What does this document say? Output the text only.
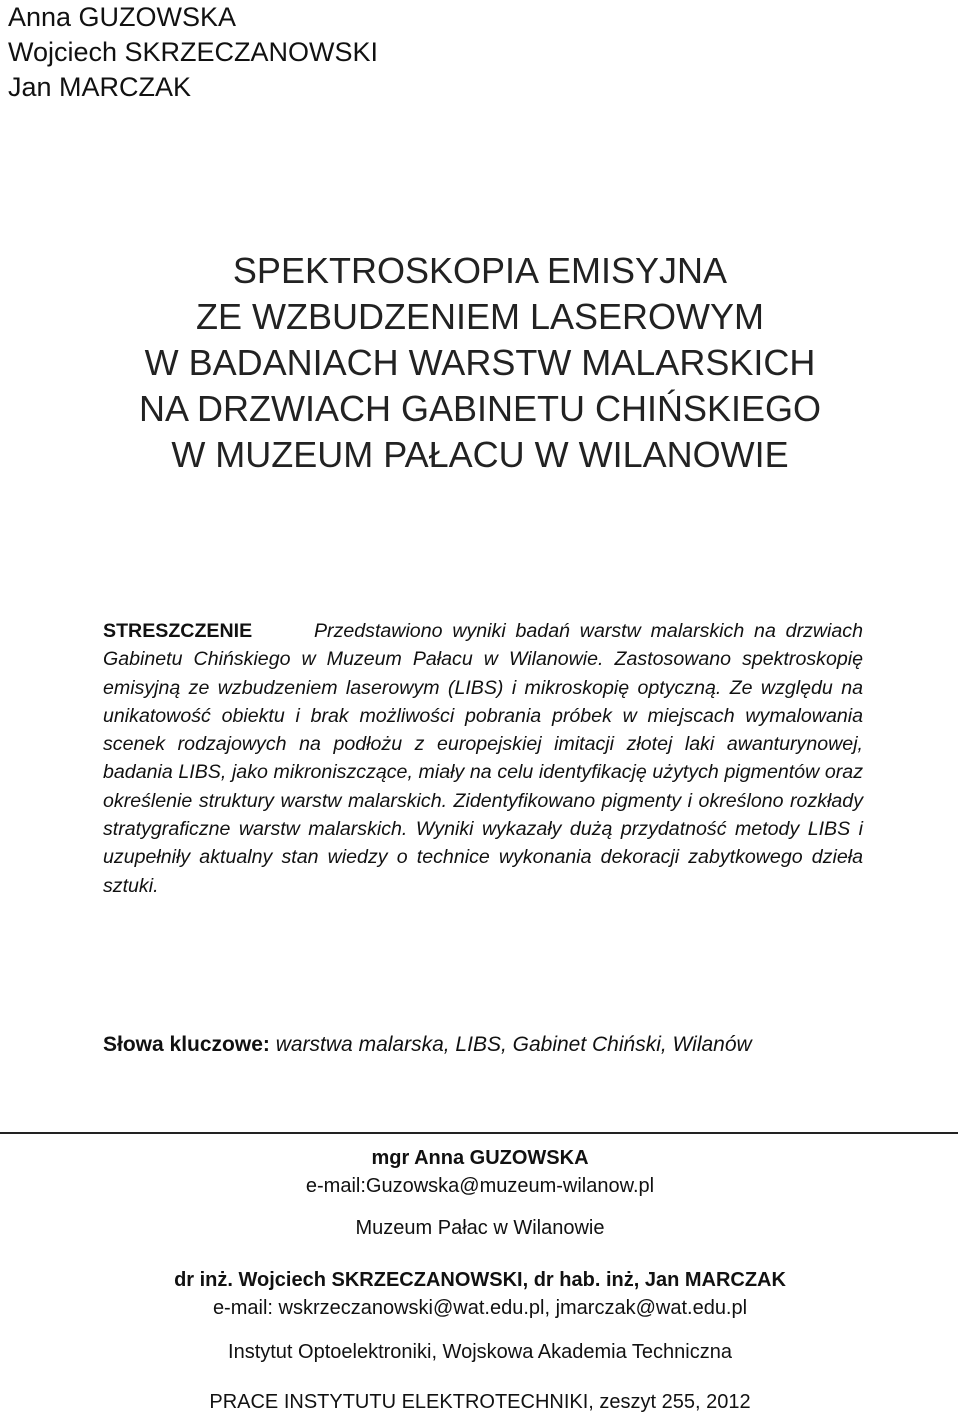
Anna GUZOWSKA
Wojciech SKRZECZANOWSKI
Jan MARCZAK
SPEKTROSKOPIA EMISYJNA
ZE WZBUDZENIEM LASEROWYM
W BADANIACH WARSTW MALARSKICH
NA DRZWIACH GABINETU CHIŃSKIEGO
W MUZEUM PAŁACU W WILANOWIE
STRESZCZENIE	Przedstawiono wyniki badań warstw malarskich na drzwiach Gabinetu Chińskiego w Muzeum Pałacu w Wilanowie. Zastosowano spektroskopię emisyjną ze wzbudzeniem laserowym (LIBS) i mikroskopię optyczną. Ze względu na unikatowość obiektu i brak możliwości pobrania próbek w miejscach wymalowania scenek rodzajowych na podłożu z europejskiej imitacji złotej laki awanturynowej, badania LIBS, jako mikroniszczące, miały na celu identyfikację użytych pigmentów oraz określenie struktury warstw malarskich. Zidentyfikowano pigmenty i określono rozkłady stratygraficzne warstw malarskich. Wyniki wykazały dużą przydatność metody LIBS i uzupełniły aktualny stan wiedzy o technice wykonania dekoracji zabytkowego dzieła sztuki.
Słowa kluczowe: warstwa malarska, LIBS, Gabinet Chiński, Wilanów
mgr Anna GUZOWSKA
e-mail:Guzowska@muzeum-wilanow.pl
Muzeum Pałac w Wilanowie
dr inż. Wojciech SKRZECZANOWSKI, dr hab. inż, Jan MARCZAK
e-mail: wskrzeczanowski@wat.edu.pl, jmarczak@wat.edu.pl
Instytut Optoelektroniki, Wojskowa Akademia Techniczna
PRACE INSTYTUTU ELEKTROTECHNIKI, zeszyt 255, 2012
